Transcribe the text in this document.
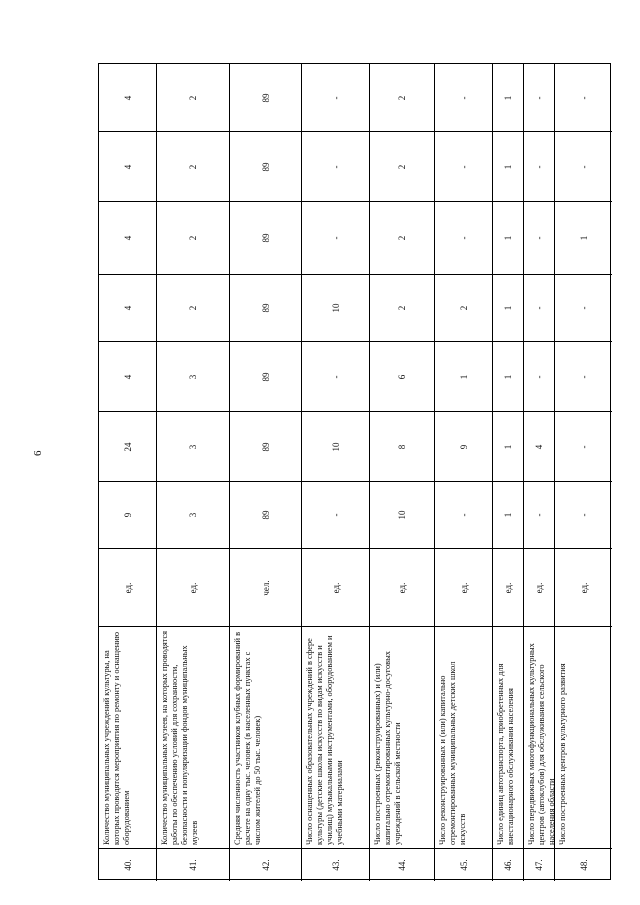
6
40.
Количество муниципальных учреждений культуры, на которых проводятся мероприятия по ремонту и оснащению оборудованием
ед.
9
24
4
4
4
4
4
41.
Количество муниципальных музеев, на которых проводятся работы по обеспечению условий для сохранности, безопасности и популяризации фондов муниципальных музеев
ед.
3
3
3
2
2
2
2
42.
Средняя численность участников клубных формирований в расчете на одну тыс. человек (в населенных пунктах с числом жителей до 50 тыс. человек)
чел.
89
89
89
89
89
89
89
43.
Число оснащенных образовательных учреждений в сфере культуры (детские школы искусств по видам искусств и училищ) музыкальными инструментами, оборудованием и учебными материалами
ед.
-
10
-
10
-
-
-
44.
Число построенных (реконструированных) и (или) капитально отремонтированных культурно-досуговых учреждений в сельской местности
ед.
10
8
6
2
2
2
2
45.
Число реконструированных и (или) капитально отремонтированных муниципальных детских школ искусств
ед.
-
9
1
2
-
-
-
46.
Число единиц автотранспорта, приобретенных для внестационарного обслуживания населения
ед.
1
1
1
1
1
1
1
47.
Число передвижных многофункциональных культурных центров (автоклубов) для обслуживания сельского населения области
ед.
-
4
-
-
-
-
-
48.
Число построенных центров культурного развития
ед.
-
-
-
-
1
-
-
